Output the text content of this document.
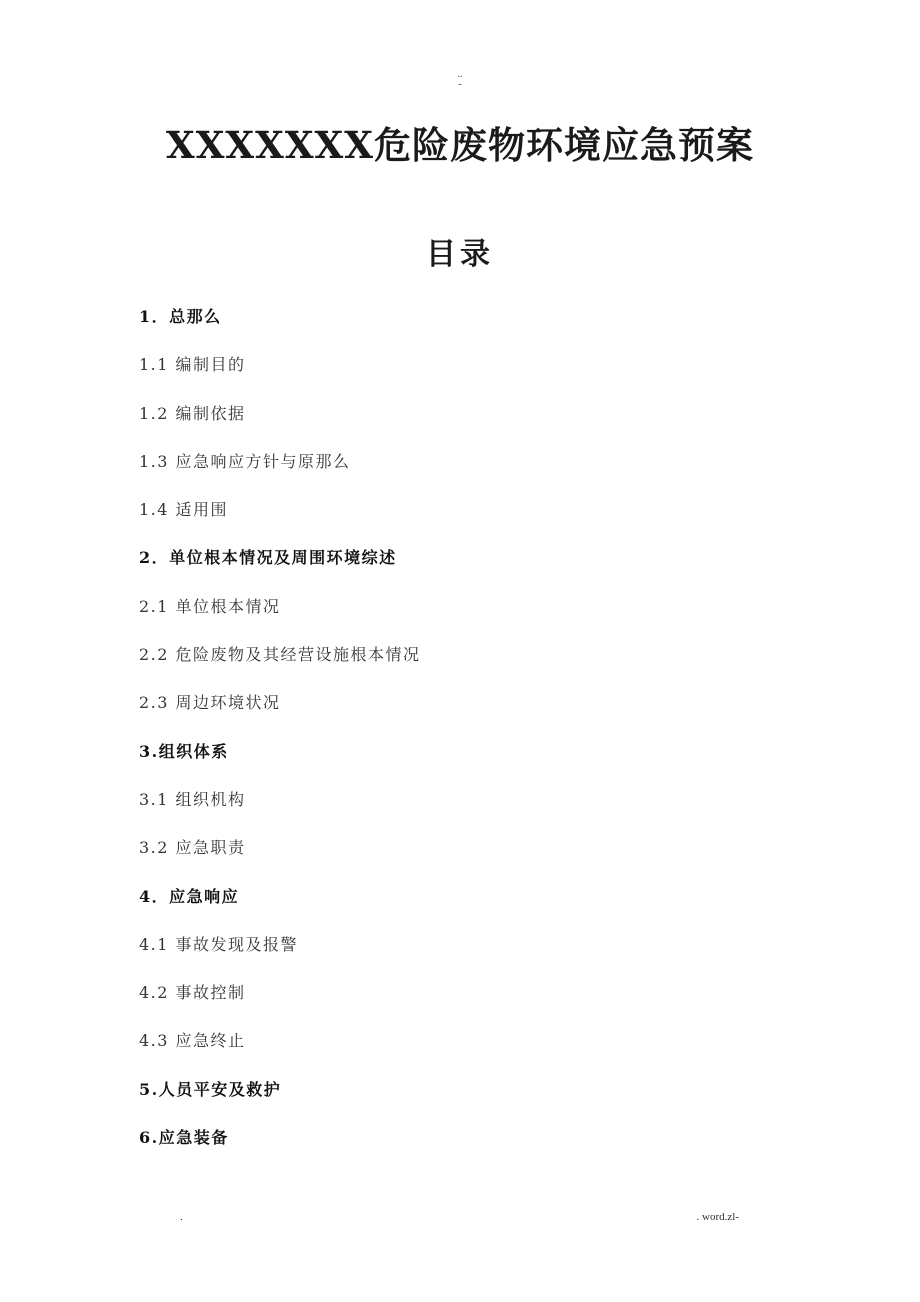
..
-
XXXXXXX危险废物环境应急预案
目录
1．总那么
1.1 编制目的
1.2 编制依据
1.3 应急响应方针与原那么
1.4 适用围
2．单位根本情况及周围环境综述
2.1 单位根本情况
2.2 危险废物及其经营设施根本情况
2.3 周边环境状况
3.组织体系
3.1 组织机构
3.2 应急职责
4．应急响应
4.1 事故发现及报警
4.2 事故控制
4.3 应急终止
5.人员平安及救护
6.应急装备
.	. word.zl-
